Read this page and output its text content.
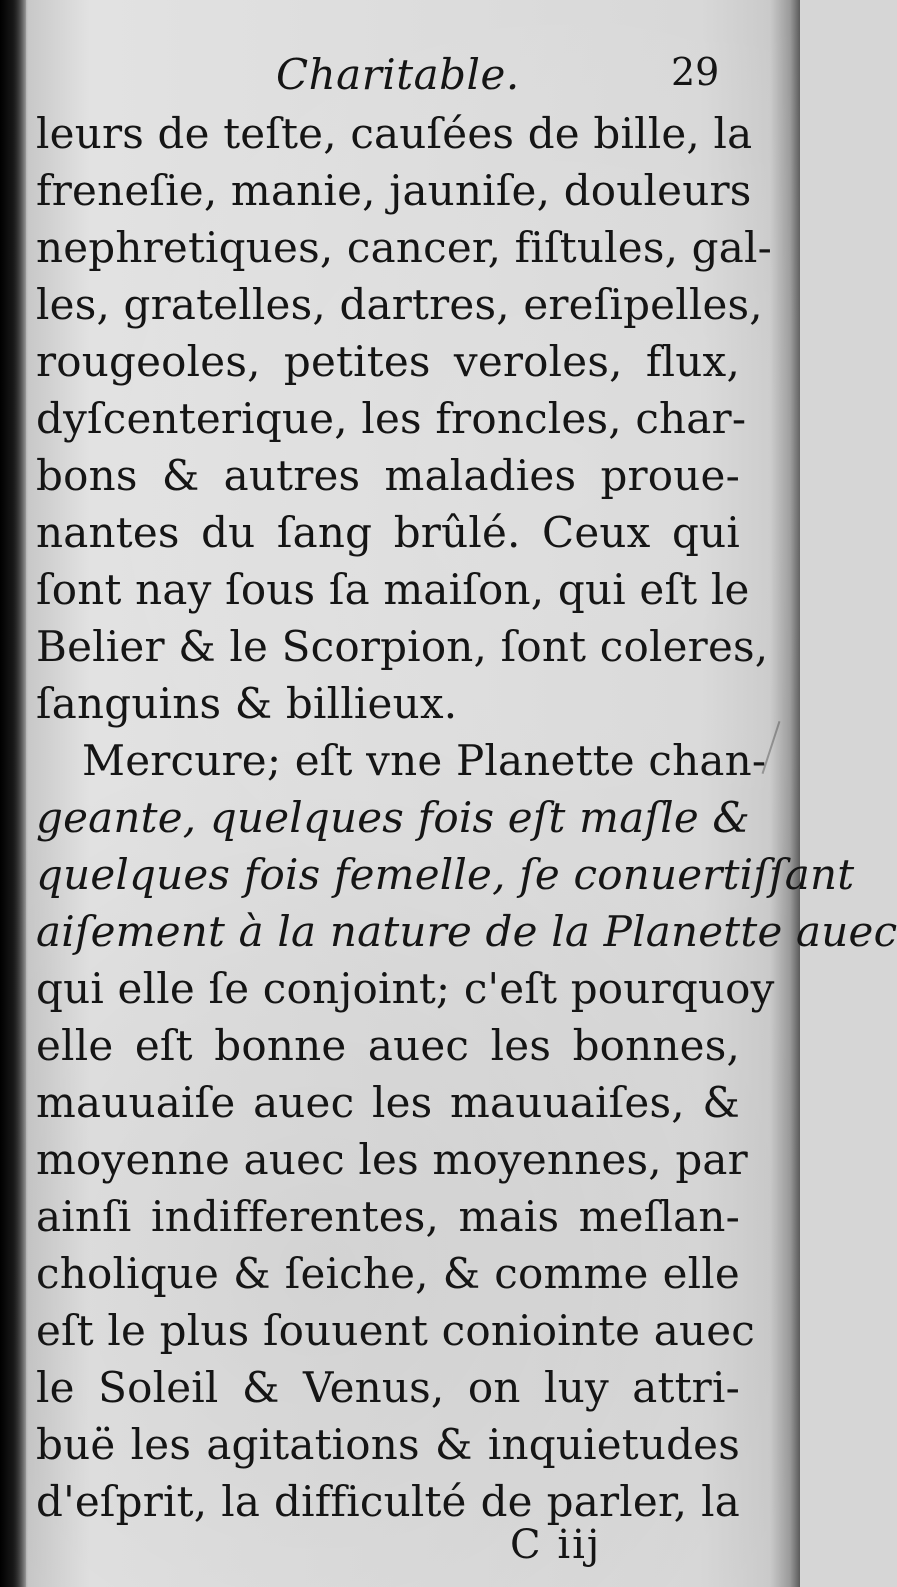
Charitable.	29
leurs de teſte, cauſées de bille, la
freneſie, manie, jauniſe, douleurs
nephretiques, cancer, fiſtules, gal-
les, gratelles, dartres, ereſipelles,
rougeoles, petites veroles, flux,
dyſcenterique, les froncles, char-
bons & autres maladies proue-
nantes du ſang brûlé. Ceux qui
ſont nay ſous ſa maiſon, qui eſt le
Belier & le Scorpion, ſont coleres,
ſanguins & billieux.
Mercure; eſt vne Planette chan-
geante, quelques fois eſt maſle &
quelques fois femelle, ſe conuertiſſant
aiſement à la nature de la Planette auec
qui elle ſe conjoint; c'eſt pourquoy
elle eſt bonne auec les bonnes,
mauuaiſe auec les mauuaiſes, &
moyenne auec les moyennes, par
ainſi indifferentes, mais meſlan-
cholique & ſeiche, & comme elle
eſt le plus ſouuent coniointe auec
le Soleil & Venus, on luy attri-
buë les agitations & inquietudes
d'eſprit, la difficulté de parler, la
C iij
